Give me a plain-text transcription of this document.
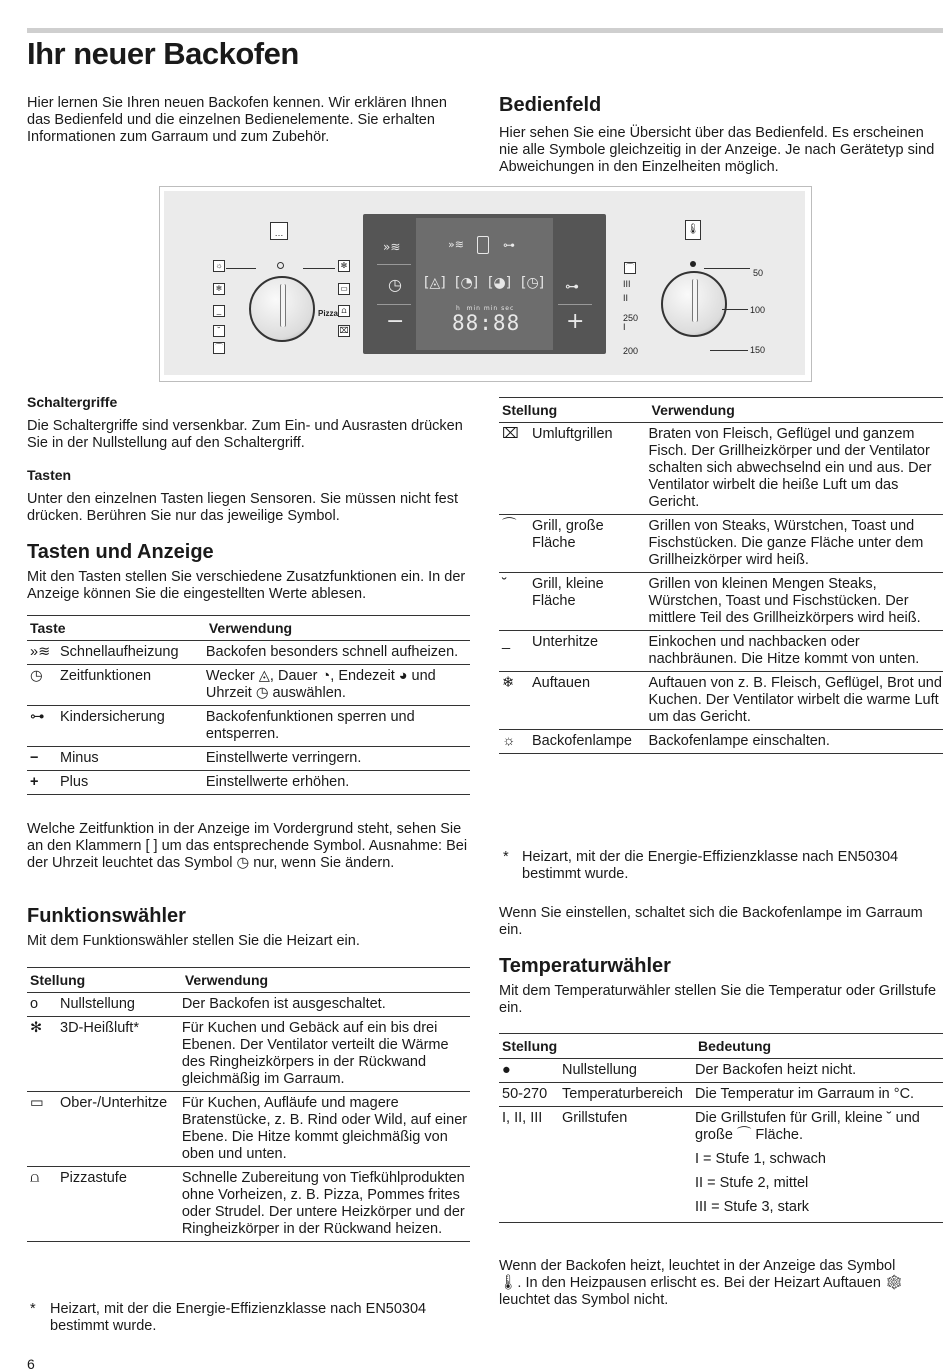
Ihr neuer Backofen

Hier lernen Sie Ihren neuen Backofen kennen. Wir erklären Ihnen das Bedienfeld und die einzelnen Bedienelemente. Sie erhalten Informationen zum Garraum und zum Zubehör.

Bedienfeld

Hier sehen Sie eine Übersicht über das Bedienfeld. Es erscheinen nie alle Symbole gleichzeitig in der Anzeige. Je nach Gerätetyp sind Abweichungen in den Einzelheiten möglich.

…
☼
❄
_
˘
⌒
✻
▭
⩍
⌧
Pizza
»≋
◷
−
»≋	⊶
[◬] [◔] [◕] [◷]
h min min sec
88:88
⊶
+
🌡
⌒
50
100
150
200
250
I
II
III
Schaltergriffe

Die Schaltergriffe sind versenkbar. Zum Ein- und Ausrasten drücken Sie in der Nullstellung auf den Schaltergriff.

Tasten

Unter den einzelnen Tasten liegen Sensoren. Sie müssen nicht fest drücken. Berühren Sie nur das jeweilige Symbol.

Tasten und Anzeige

Mit den Tasten stellen Sie verschiedene Zusatzfunktionen ein. In der Anzeige können Sie die eingestellten Werte ablesen.

Taste		Verwendung
»≋	Schnellaufheizung	Backofen besonders schnell aufheizen.
◷	Zeitfunktionen	Wecker ◬, Dauer ◔, Endezeit ◕ und Uhrzeit ◷ auswählen.
⊶	Kindersicherung	Backofenfunktionen sperren und entsperren.
−	Minus	Einstellwerte verringern.
+	Plus	Einstellwerte erhöhen.

Welche Zeitfunktion in der Anzeige im Vordergrund steht, sehen Sie an den Klammern [ ] um das entsprechende Symbol. Ausnahme: Bei der Uhrzeit leuchtet das Symbol ◷ nur, wenn Sie ändern.

Funktionswähler

Mit dem Funktionswähler stellen Sie die Heizart ein.

Stellung		Verwendung
o	Nullstellung	Der Backofen ist ausgeschaltet.
✻	3D-Heißluft*	Für Kuchen und Gebäck auf ein bis drei Ebenen. Der Ventilator verteilt die Wärme des Ringheizkörpers in der Rückwand gleichmäßig im Garraum.
▭	Ober-/Unterhitze	Für Kuchen, Aufläufe und magere Bratenstücke, z. B. Rind oder Wild, auf einer Ebene. Die Hitze kommt gleichmäßig von oben und unten.
⩍	Pizzastufe	Schnelle Zubereitung von Tiefkühlprodukten ohne Vorheizen, z. B. Pizza, Pommes frites oder Strudel. Der untere Heizkörper und der Ringheizkörper in der Rückwand heizen.
* Heizart, mit der die Energie-Effizienzklasse nach EN50304 bestimmt wurde.
Stellung		Verwendung
⌧	Umluftgrillen	Braten von Fleisch, Geflügel und ganzem Fisch. Der Grillheizkörper und der Ventilator schalten sich abwechselnd ein und aus. Der Ventilator wirbelt die heiße Luft um das Gericht.
⌒	Grill, große Fläche	Grillen von Steaks, Würstchen, Toast und Fischstücken. Die ganze Fläche unter dem Grillheizkörper wird heiß.
˘	Grill, kleine Fläche	Grillen von kleinen Mengen Steaks, Würstchen, Toast und Fischstücken. Der mittlere Teil des Grillheizkörpers wird heiß.
_	Unterhitze	Einkochen und nachbacken oder nachbräunen. Die Hitze kommt von unten.
❄	Auftauen	Auftauen von z. B. Fleisch, Geflügel, Brot und Kuchen. Der Ventilator wirbelt die warme Luft um das Gericht.
☼	Backofenlampe	Backofenlampe einschalten.
* Heizart, mit der die Energie-Effizienzklasse nach EN50304 bestimmt wurde.

Wenn Sie einstellen, schaltet sich die Backofenlampe im Garraum ein.

Temperaturwähler

Mit dem Temperaturwähler stellen Sie die Temperatur oder Grillstufe ein.

Stellung		Bedeutung
●	Nullstellung	Der Backofen heizt nicht.
50-270	Temperaturbereich	Die Temperatur im Garraum in °C.
I, II, III	Grillstufen	Die Grillstufen für Grill, kleine ˘ und große ⌒ Fläche.
I = Stufe 1, schwach
II = Stufe 2, mittel
III = Stufe 3, stark

Wenn der Backofen heizt, leuchtet in der Anzeige das Symbol 🌡. In den Heizpausen erlischt es. Bei der Heizart Auftauen ❄ leuchtet das Symbol nicht.

6
